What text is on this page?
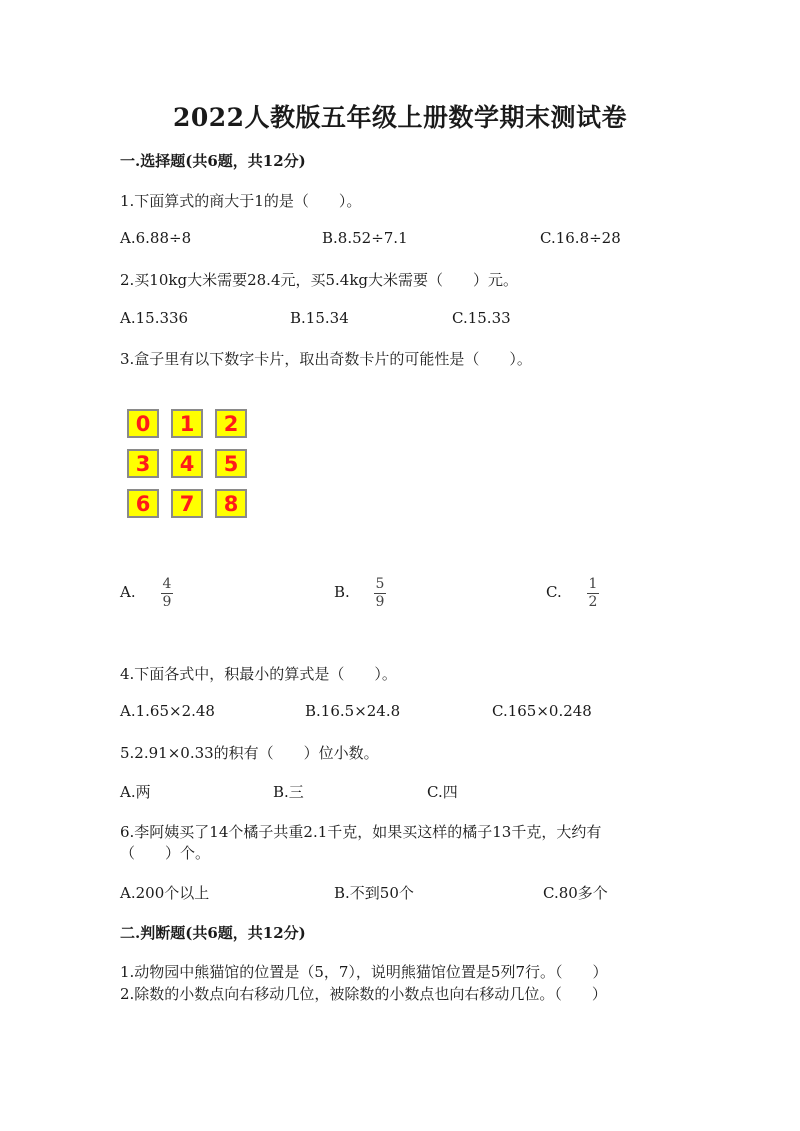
2022人教版五年级上册数学期末测试卷
一.选择题(共6题，共12分)
1.下面算式的商大于1的是（　　）。
A.6.88÷8	B.8.52÷7.1	C.16.8÷28
2.买10kg大米需要28.4元，买5.4kg大米需要（　　）元。
A.15.336	B.15.34	C.15.33
3.盒子里有以下数字卡片，取出奇数卡片的可能性是（　　）。
0	1	2
3	4	5
6	7	8
A. 4
9
B. 5
9
C. 1
2
4.下面各式中，积最小的算式是（　　）。
A.1.65×2.48	B.16.5×24.8	C.165×0.248
5.2.91×0.33的积有（　　）位小数。
A.两	B.三	C.四
6.李阿姨买了14个橘子共重2.1千克，如果买这样的橘子13千克，大约有
（　　）个。
A.200个以上	B.不到50个	C.80多个
二.判断题(共6题，共12分)
1.动物园中熊猫馆的位置是（5，7），说明熊猫馆位置是5列7行。（　　）
2.除数的小数点向右移动几位，被除数的小数点也向右移动几位。（　　）
